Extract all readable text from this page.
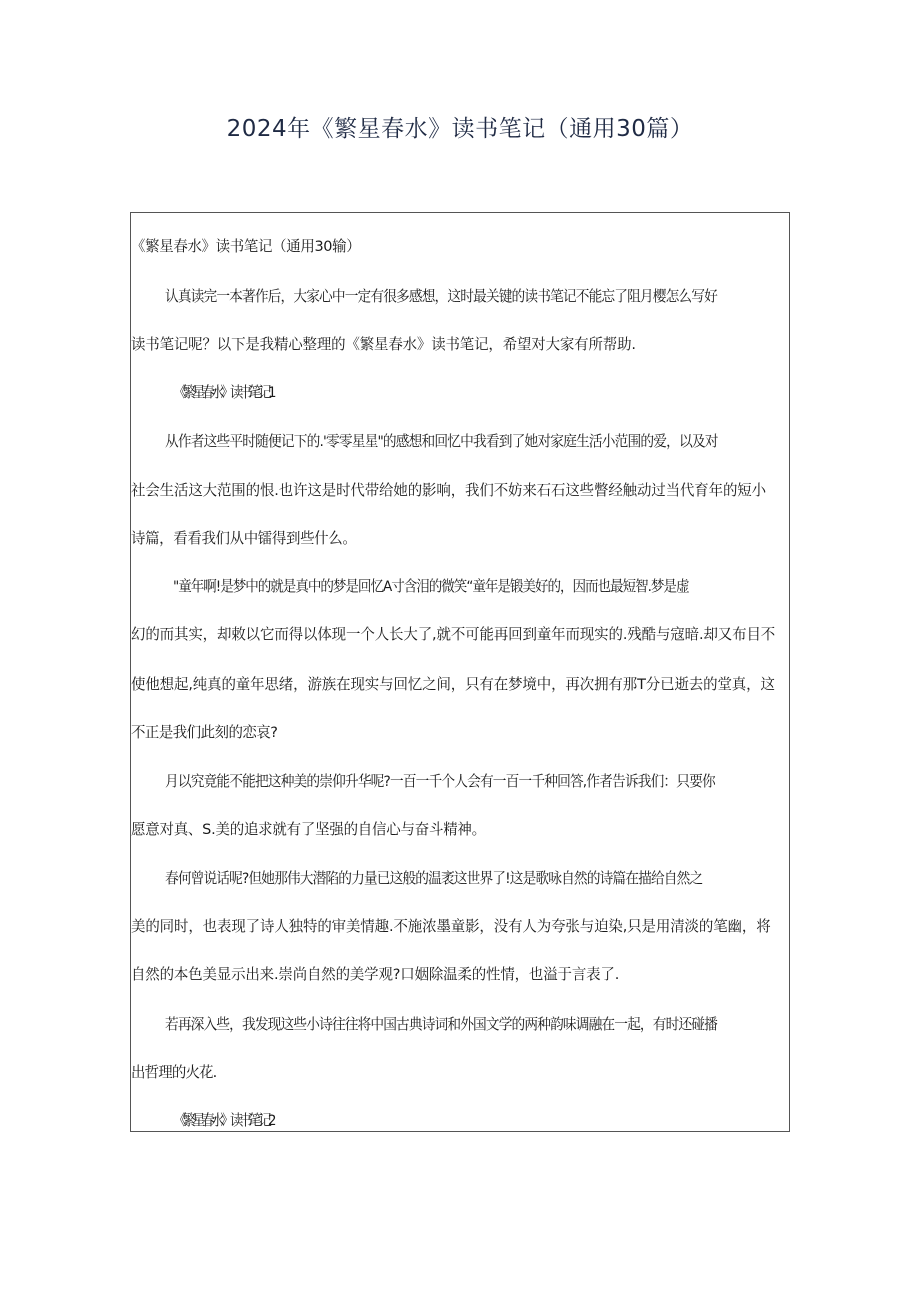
2024年《繁星春水》读书笔记（通用30篇）
《繁星春水》读书笔记（通用30输）
认真读完一本著作后，大家心中一定有很多感想，这时最关键的读书笔记不能忘了阻月樱怎么写好
读书笔记呢？以下是我精心整理的《繁星春水》读书笔记，希望对大家有所帮助.
《繁星春水》读书笔记1
从作者这些平时随便记下的.'零零星星"的感想和回忆中我看到了她对家庭生活小范围的爱，以及对
社会生活这大范围的恨.也许这是时代带给她的影响，我们不妨来石石这些瞥经触动过当代育年的短小
诗篇，看看我们从中镭得到些什么。
"童年啊!是梦中的就是真中的梦是回忆A寸含泪的微笑“童年是锻美好的，因而也最短智.梦是虚
幻的而其实，却敕以它而得以体现一个人长大了,就不可能再回到童年而现实的.残酷与寇暗.却又布目不
使他想起,纯真的童年思绪，游族在现实与回忆之间，只有在梦境中，再次拥有那T分已逝去的堂真，这
不正是我们此刻的恋哀?
月以究竟能不能把这种美的崇仰升华呢?一百一千个人会有一百一千种回答,作者告诉我们：只要你
愿意对真、S.美的追求就有了坚强的自信心与奋斗精神。
春何曾说话呢?但她那伟大潜陷的力量已这般的温袤这世界了!这是歌咏自然的诗篇在描给自然之
美的同时，也表现了诗人独特的审美情趣.不施浓墨童影，没有人为夸张与迫染,只是用清淡的笔幽，将
自然的本色美显示出来.崇尚自然的美学观?口姻除温柔的性情，也溢于言表了.
若再深入些，我发现这些小诗往往将中国古典诗词和外国文学的两种韵味调融在一起，有时还碰播
出哲理的火花.
《繁星春水》读书笔记2
